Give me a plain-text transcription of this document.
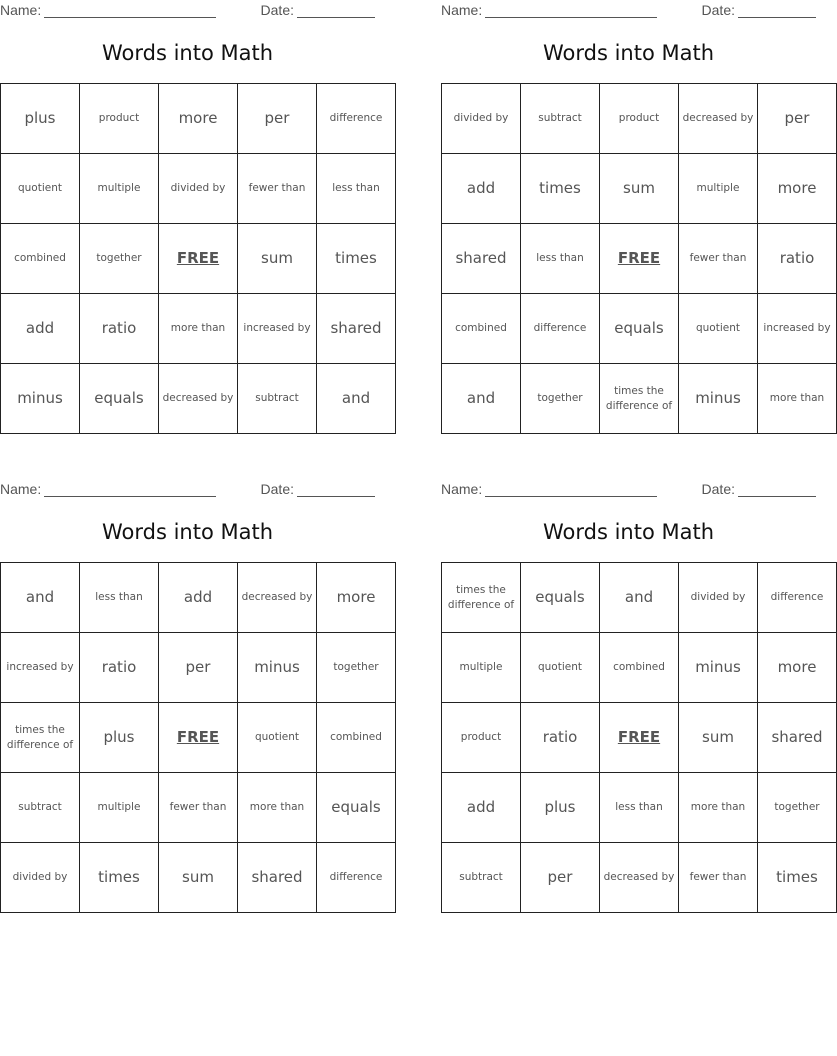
Name:	Date:
Words into Math
plus	product	more	per	difference
quotient	multiple	divided by	fewer than	less than
combined	together	FREE	sum	times
add	ratio	more than	increased by	shared
minus	equals	decreased by	subtract	and
Name:	Date:
Words into Math
divided by	subtract	product	decreased by	per
add	times	sum	multiple	more
shared	less than	FREE	fewer than	ratio
combined	difference	equals	quotient	increased by
and	together	times the difference of	minus	more than
Name:	Date:
Words into Math
and	less than	add	decreased by	more
increased by	ratio	per	minus	together
times the difference of	plus	FREE	quotient	combined
subtract	multiple	fewer than	more than	equals
divided by	times	sum	shared	difference
Name:	Date:
Words into Math
times the difference of	equals	and	divided by	difference
multiple	quotient	combined	minus	more
product	ratio	FREE	sum	shared
add	plus	less than	more than	together
subtract	per	decreased by	fewer than	times
